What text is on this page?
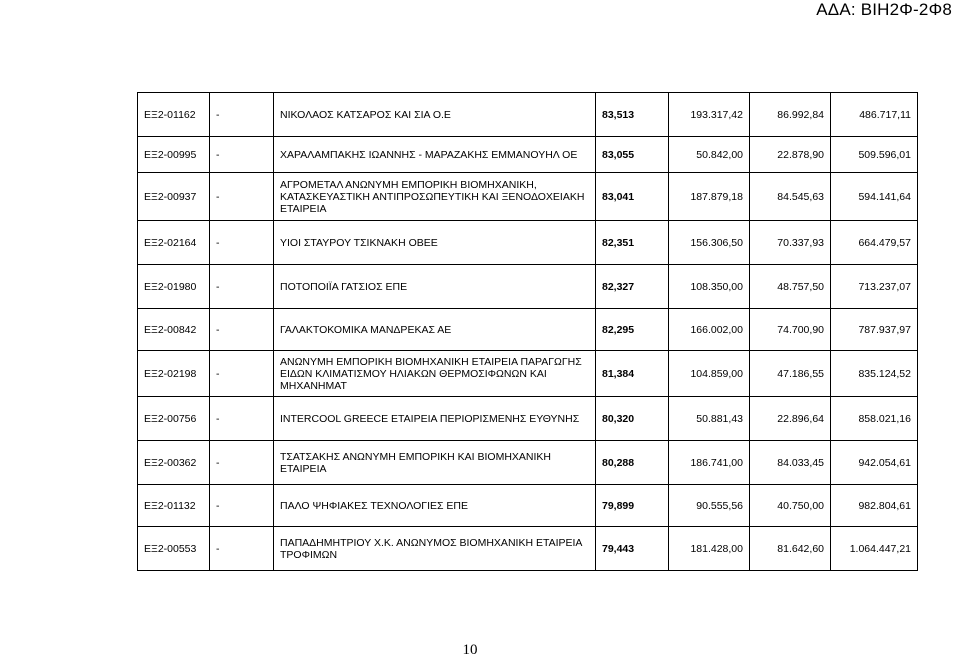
ΑΔΑ: ΒΙΗ2Φ-2Φ8
ΕΞ2-01162	-	ΝΙΚΟΛΑΟΣ ΚΑΤΣΑΡΟΣ ΚΑΙ ΣΙΑ Ο.Ε	83,513	193.317,42	86.992,84	486.717,11
ΕΞ2-00995	-	ΧΑΡΑΛΑΜΠΑΚΗΣ ΙΩΑΝΝΗΣ - ΜΑΡΑΖΑΚΗΣ ΕΜΜΑΝΟΥΗΛ ΟΕ	83,055	50.842,00	22.878,90	509.596,01
ΕΞ2-00937	-	ΑΓΡΟΜΕΤΑΛ ΑΝΩΝΥΜΗ ΕΜΠΟΡΙΚΗ ΒΙΟΜΗΧΑΝΙΚΗ, ΚΑΤΑΣΚΕΥΑΣΤΙΚΗ ΑΝΤΙΠΡΟΣΩΠΕΥΤΙΚΗ ΚΑΙ ΞΕΝΟΔΟΧΕΙΑΚΗ ΕΤΑΙΡΕΙΑ	83,041	187.879,18	84.545,63	594.141,64
ΕΞ2-02164	-	ΥΙΟΙ ΣΤΑΥΡΟΥ ΤΣΙΚΝΑΚΗ ΟΒΕΕ	82,351	156.306,50	70.337,93	664.479,57
ΕΞ2-01980	-	ΠΟΤΟΠΟΙΪΑ ΓΑΤΣΙΟΣ ΕΠΕ	82,327	108.350,00	48.757,50	713.237,07
ΕΞ2-00842	-	ΓΑΛΑΚΤΟΚΟΜΙΚΑ ΜΑΝΔΡΕΚΑΣ ΑΕ	82,295	166.002,00	74.700,90	787.937,97
ΕΞ2-02198	-	ΑΝΩΝΥΜΗ ΕΜΠΟΡΙΚΗ ΒΙΟΜΗΧΑΝΙΚΗ ΕΤΑΙΡΕΙΑ ΠΑΡΑΓΩΓΗΣ ΕΙΔΩΝ ΚΛΙΜΑΤΙΣΜΟΥ ΗΛΙΑΚΩΝ ΘΕΡΜΟΣΙΦΩΝΩΝ ΚΑΙ ΜΗΧΑΝΗΜΑΤ	81,384	104.859,00	47.186,55	835.124,52
ΕΞ2-00756	-	INTERCOOL GREECE ΕΤΑΙΡΕΙΑ ΠΕΡΙΟΡΙΣΜΕΝΗΣ ΕΥΘΥΝΗΣ	80,320	50.881,43	22.896,64	858.021,16
ΕΞ2-00362	-	ΤΣΑΤΣΑΚΗΣ ΑΝΩΝΥΜΗ ΕΜΠΟΡΙΚΗ ΚΑΙ ΒΙΟΜΗΧΑΝΙΚΗ ΕΤΑΙΡΕΙΑ	80,288	186.741,00	84.033,45	942.054,61
ΕΞ2-01132	-	ΠΑΛΟ ΨΗΦΙΑΚΕΣ ΤΕΧΝΟΛΟΓΙΕΣ ΕΠΕ	79,899	90.555,56	40.750,00	982.804,61
ΕΞ2-00553	-	ΠΑΠΑΔΗΜΗΤΡΙΟΥ Χ.Κ. ΑΝΩΝΥΜΟΣ ΒΙΟΜΗΧΑΝΙΚΗ ΕΤΑΙΡΕΙΑ ΤΡΟΦΙΜΩΝ	79,443	181.428,00	81.642,60	1.064.447,21
10
